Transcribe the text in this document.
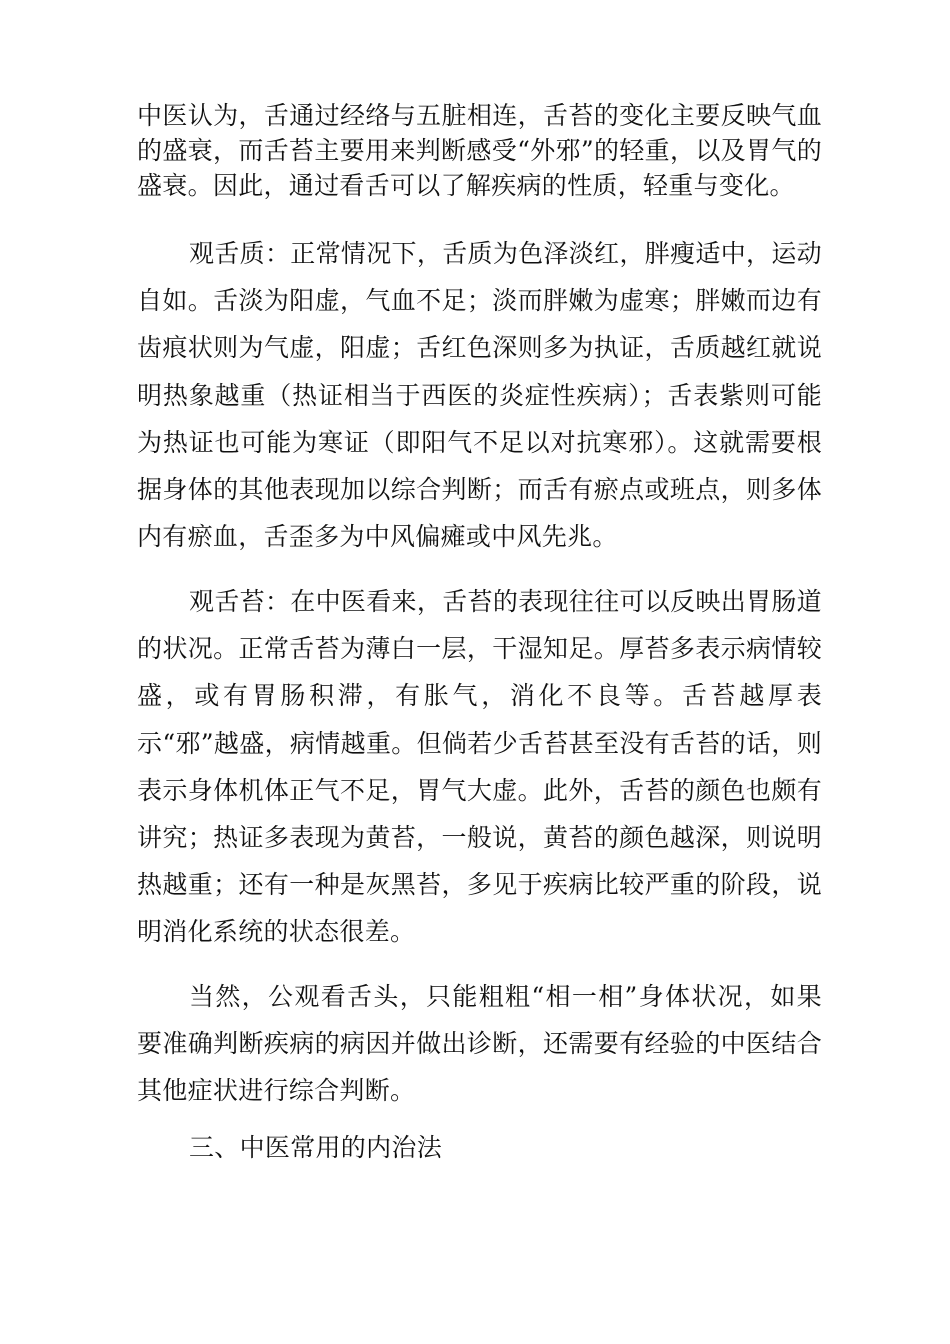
中医认为，舌通过经络与五脏相连，舌苔的变化主要反映气血的盛衰，而舌苔主要用来判断感受“外邪”的轻重，以及胃气的盛衰。因此，通过看舌可以了解疾病的性质，轻重与变化。

观舌质：正常情况下，舌质为色泽淡红，胖瘦适中，运动自如。舌淡为阳虚，气血不足；淡而胖嫩为虚寒；胖嫩而边有齿痕状则为气虚，阳虚；舌红色深则多为执证，舌质越红就说明热象越重（热证相当于西医的炎症性疾病）；舌表紫则可能为热证也可能为寒证（即阳气不足以对抗寒邪）。这就需要根据身体的其他表现加以综合判断；而舌有瘀点或班点，则多体内有瘀血，舌歪多为中风偏瘫或中风先兆。

观舌苔：在中医看来，舌苔的表现往往可以反映出胃肠道的状况。正常舌苔为薄白一层，干湿知足。厚苔多表示病情较盛，或有胃肠积滞，有胀气，消化不良等。舌苔越厚表示“邪”越盛，病情越重。但倘若少舌苔甚至没有舌苔的话，则表示身体机体正气不足，胃气大虚。此外，舌苔的颜色也颇有讲究；热证多表现为黄苔，一般说，黄苔的颜色越深，则说明热越重；还有一种是灰黑苔，多见于疾病比较严重的阶段，说明消化系统的状态很差。

当然，公观看舌头，只能粗粗“相一相”身体状况，如果要准确判断疾病的病因并做出诊断，还需要有经验的中医结合其他症状进行综合判断。

三、中医常用的内治法
